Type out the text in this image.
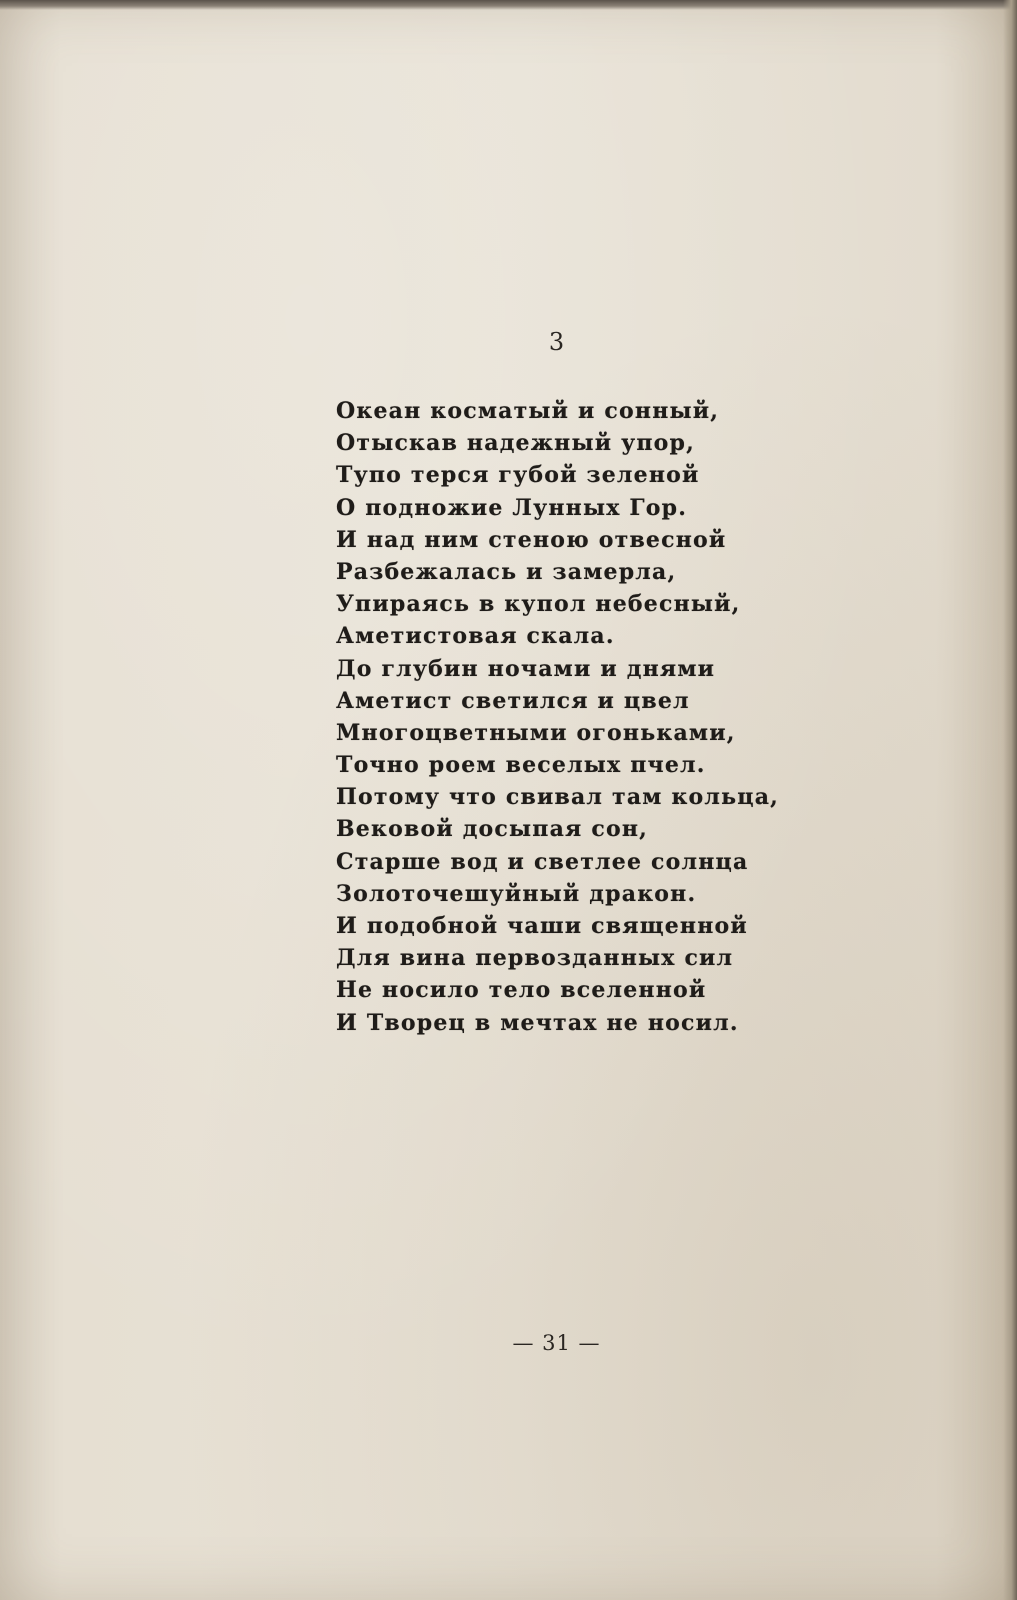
3
Океан косматый и сонный,
Отыскав надежный упор,
Тупо терся губой зеленой
О подножие Лунных Гор.
И над ним стеною отвесной
Разбежалась и замерла,
Упираясь в купол небесный,
Аметистовая скала.
До глубин ночами и днями
Аметист светился и цвел
Многоцветными огоньками,
Точно роем веселых пчел.
Потому что свивал там кольца,
Вековой досыпая сон,
Старше вод и светлее солнца
Золоточешуйный дракон.
И подобной чаши священной
Для вина первозданных сил
Не носило тело вселенной
И Творец в мечтах не носил.
— 31 —
